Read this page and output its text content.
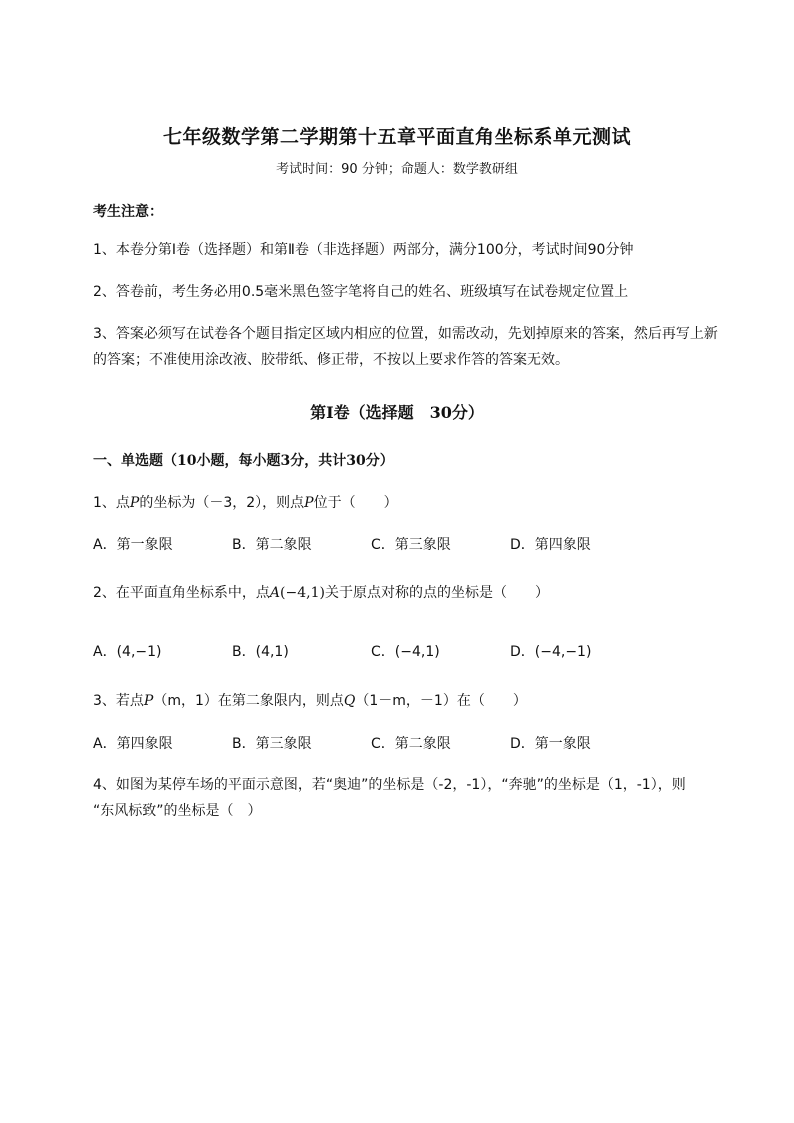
七年级数学第二学期第十五章平面直角坐标系单元测试
考试时间：90 分钟；命题人：数学教研组
考生注意：
1、本卷分第Ⅰ卷（选择题）和第Ⅱ卷（非选择题）两部分，满分100分，考试时间90分钟
2、答卷前，考生务必用0.5毫米黑色签字笔将自己的姓名、班级填写在试卷规定位置上
3、答案必须写在试卷各个题目指定区域内相应的位置，如需改动，先划掉原来的答案，然后再写上新
的答案；不准使用涂改液、胶带纸、修正带，不按以上要求作答的答案无效。
第Ⅰ卷（选择题　30分）
一、单选题（10小题，每小题3分，共计30分）
1、点P的坐标为（－3，2），则点P位于（　　）
A．第一象限	B．第二象限	C．第三象限	D．第四象限
2、在平面直角坐标系中，点A(−4,1)关于原点对称的点的坐标是（　　）
A．(4,−1)	B．(4,1)	C．(−4,1)	D．(−4,−1)
3、若点P（m，1）在第二象限内，则点Q（1－m，－1）在（　　）
A．第四象限	B．第三象限	C．第二象限	D．第一象限
4、如图为某停车场的平面示意图，若“奥迪”的坐标是（-2，-1），“奔驰”的坐标是（1，-1），则
“东风标致”的坐标是（　）
